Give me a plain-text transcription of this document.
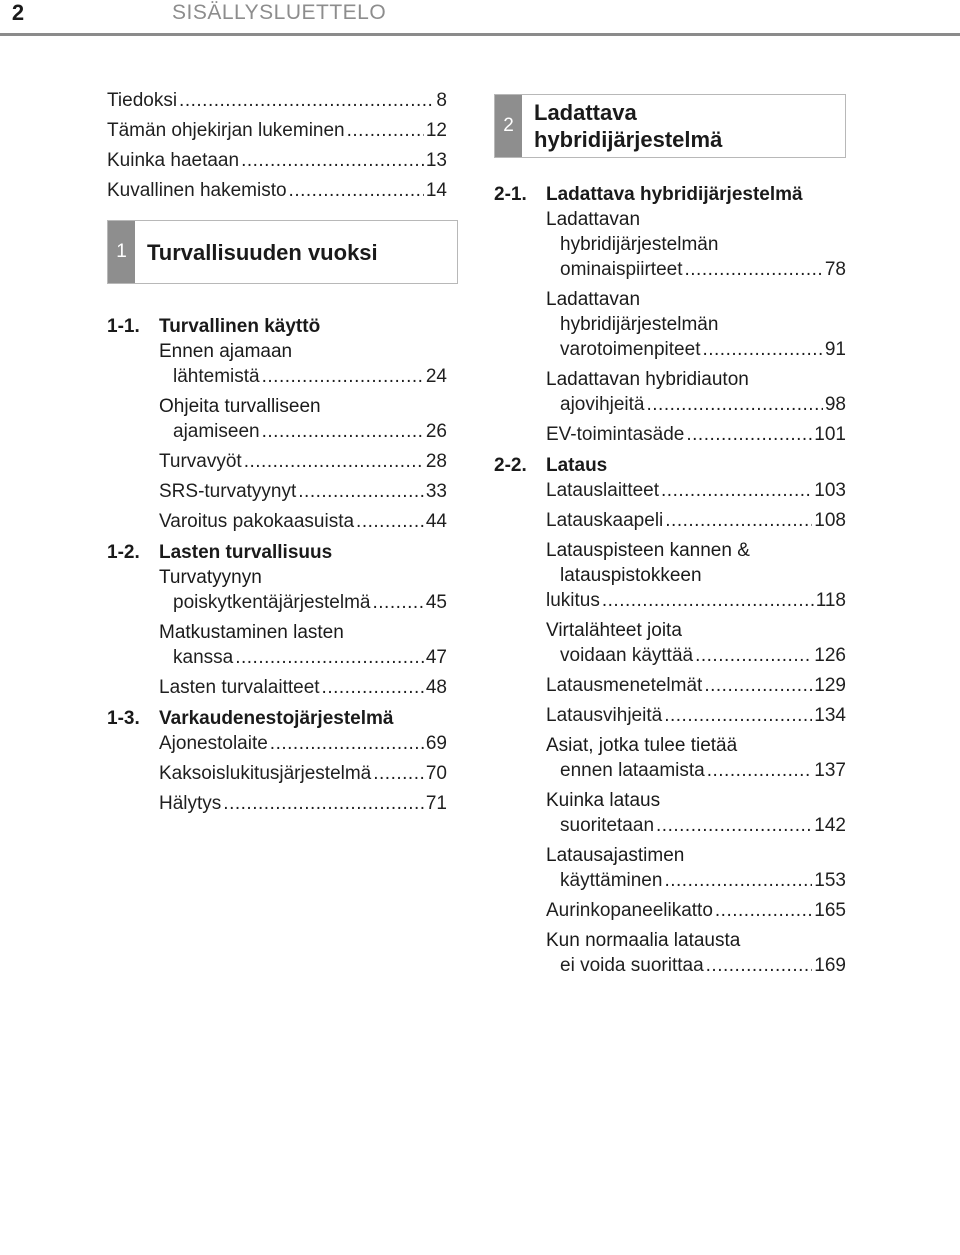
2	SISÄLLYSLUETTELO
Tiedoksi .....	8
Tämän ohjekirjan lukeminen .....	12
Kuinka haetaan .....	13
Kuvallinen hakemisto .....	14
1 Turvallisuuden vuoksi
1-1.	Turvallinen käyttö
Ennen ajamaan
lähtemistä .....	24
Ohjeita turvalliseen
ajamiseen .....	26
Turvavyöt .....	28
SRS-turvatyynyt .....	33
Varoitus pakokaasuista .....	44
1-2.	Lasten turvallisuus
Turvatyynyn
poiskytkentäjärjestelmä .....	45
Matkustaminen lasten
kanssa .....	47
Lasten turvalaitteet .....	48
1-3.	Varkaudenestojärjestelmä
Ajonestolaite .....	69
Kaksoislukitusjärjestelmä .....	70
Hälytys .....	71
2
Ladattava
hybridijärjestelmä
2-1.	Ladattava hybridijärjestelmä
Ladattavan
hybridijärjestelmän
ominaispiirteet .....	78
Ladattavan
hybridijärjestelmän
varotoimenpiteet .....	91
Ladattavan hybridiauton
ajovihjeitä .....	98
EV-toimintasäde .....	101
2-2.	Lataus
Latauslaitteet .....	103
Latauskaapeli .....	108
Latauspisteen kannen &
latauspistokkeen
lukitus .....	118
Virtalähteet joita
voidaan käyttää .....	126
Latausmenetelmät .....	129
Latausvihjeitä .....	134
Asiat, jotka tulee tietää
ennen lataamista .....	137
Kuinka lataus
suoritetaan .....	142
Latausajastimen
käyttäminen .....	153
Aurinkopaneelikatto .....	165
Kun normaalia latausta
ei voida suorittaa .....	169
